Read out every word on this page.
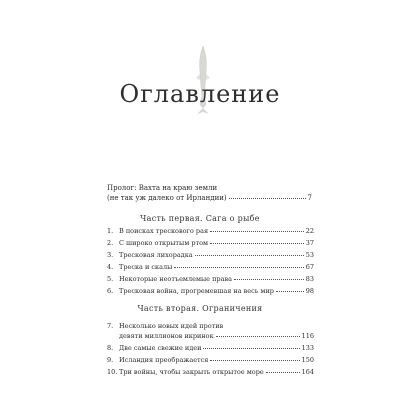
Оглавление
Пролог: Вахта на краю земли
(не так уж далеко от Ирландии)	7
Часть первая. Сага о рыбе
1. В поисках трескового рая	22
2. С широко открытым ртом	37
3. Тресковая лихорадка	53
4. Треска и скалы	67
5. Некоторые неотъемлемые права	83
6. Тресковая война, прогремевшая на весь мир	98
Часть вторая. Ограничения
7. Несколько новых идей против
девяти миллионов икринок	116
8. Две самые свежие идеи	133
9. Исландия преображается	150
10. Три войны, чтобы закрыть открытое море	164
